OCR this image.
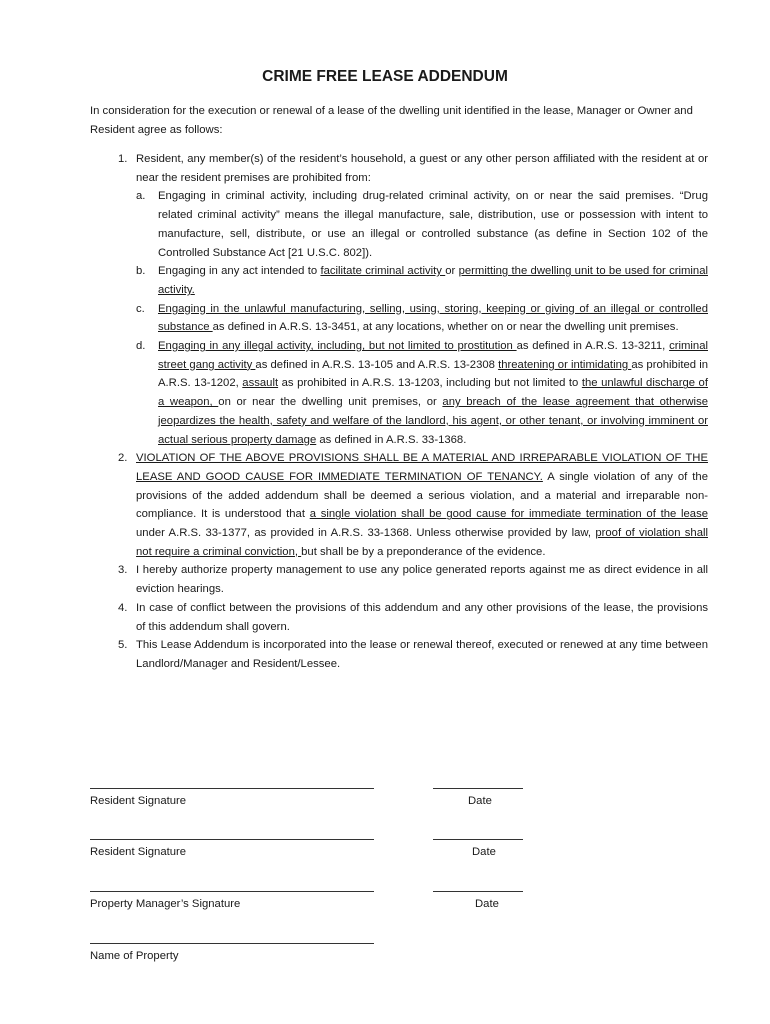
CRIME FREE LEASE ADDENDUM
In consideration for the execution or renewal of a lease of the dwelling unit identified in the lease, Manager or Owner and Resident agree as follows:
1. Resident, any member(s) of the resident’s household, a guest or any other person affiliated with the resident at or near the resident premises are prohibited from:
a.	Engaging in criminal activity, including drug-related criminal activity, on or near the said premises. “Drug related criminal activity” means the illegal manufacture, sale, distribution, use or possession with intent to manufacture, sell, distribute, or use an illegal or controlled substance (as define in Section 102 of the Controlled Substance Act [21 U.S.C. 802]).
b.	Engaging in any act intended to facilitate criminal activity or permitting the dwelling unit to be used for criminal activity.
c.	Engaging in the unlawful manufacturing, selling, using, storing, keeping or giving of an illegal or controlled substance as defined in A.R.S. 13-3451, at any locations, whether on or near the dwelling unit premises.
d.	Engaging in any illegal activity, including, but not limited to prostitution as defined in A.R.S. 13-3211, criminal street gang activity as defined in A.R.S. 13-105 and A.R.S. 13-2308 threatening or intimidating as prohibited in A.R.S. 13-1202, assault as prohibited in A.R.S. 13-1203, including but not limited to the unlawful discharge of a weapon, on or near the dwelling unit premises, or any breach of the lease agreement that otherwise jeopardizes the health, safety and welfare of the landlord, his agent, or other tenant, or involving imminent or actual serious property damage as defined in A.R.S. 33-1368.
2. VIOLATION OF THE ABOVE PROVISIONS SHALL BE A MATERIAL AND IRREPARABLE VIOLATION OF THE LEASE AND GOOD CAUSE FOR IMMEDIATE TERMINATION OF TENANCY. A single violation of any of the provisions of the added addendum shall be deemed a serious violation, and a material and irreparable non-compliance. It is understood that a single violation shall be good cause for immediate termination of the lease under A.R.S. 33-1377, as provided in A.R.S. 33-1368. Unless otherwise provided by law, proof of violation shall not require a criminal conviction, but shall be by a preponderance of the evidence.
3. I hereby authorize property management to use any police generated reports against me as direct evidence in all eviction hearings.
4. In case of conflict between the provisions of this addendum and any other provisions of the lease, the provisions of this addendum shall govern.
5. This Lease Addendum is incorporated into the lease or renewal thereof, executed or renewed at any time between Landlord/Manager and Resident/Lessee.
Resident Signature	Date
Resident Signature	Date
Property Manager’s Signature	Date
Name of Property
